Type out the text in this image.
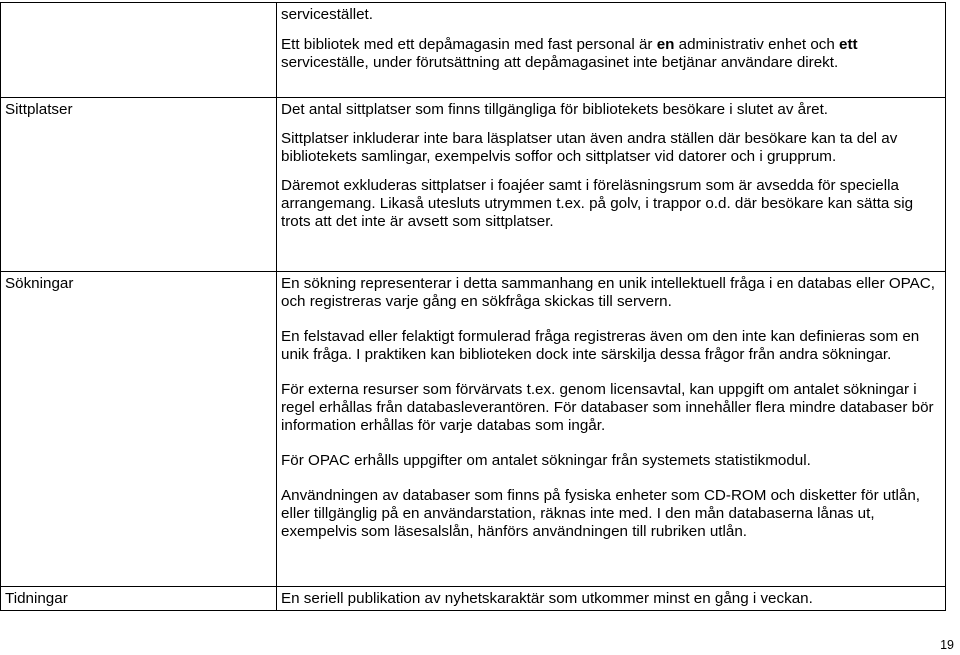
	servicestället.

Ett bibliotek med ett depåmagasin med fast personal är en administrativ enhet och ett serviceställe, under förutsättning att depåmagasinet inte betjänar användare direkt.

Sittplatser	Det antal sittplatser som finns tillgängliga för bibliotekets besökare i slutet av året.

Sittplatser inkluderar inte bara läsplatser utan även andra ställen där besökare kan ta del av bibliotekets samlingar, exempelvis soffor och sittplatser vid datorer och i grupprum.

Däremot exkluderas sittplatser i foajéer samt i föreläsningsrum som är avsedda för speciella arrangemang. Likaså utesluts utrymmen t.ex. på golv, i trappor o.d. där besökare kan sätta sig trots att det inte är avsett som sittplatser.

Sökningar	En sökning representerar i detta sammanhang en unik intellektuell fråga i en databas eller OPAC, och registreras varje gång en sökfråga skickas till servern.

En felstavad eller felaktigt formulerad fråga registreras även om den inte kan definieras som en unik fråga. I praktiken kan biblioteken dock inte särskilja dessa frågor från andra sökningar.

För externa resurser som förvärvats t.ex. genom licensavtal, kan uppgift om antalet sökningar i regel erhållas från databasleverantören. För databaser som innehåller flera mindre databaser bör information erhållas för varje databas som ingår.

För OPAC erhålls uppgifter om antalet sökningar från systemets statistikmodul.

Användningen av databaser som finns på fysiska enheter som CD-ROM och disketter för utlån, eller tillgänglig på en användarstation, räknas inte med. I den mån databaserna lånas ut, exempelvis som läsesalslån, hänförs användningen till rubriken utlån.

Tidningar	En seriell publikation av nyhetskaraktär som utkommer minst en gång i veckan.

19
